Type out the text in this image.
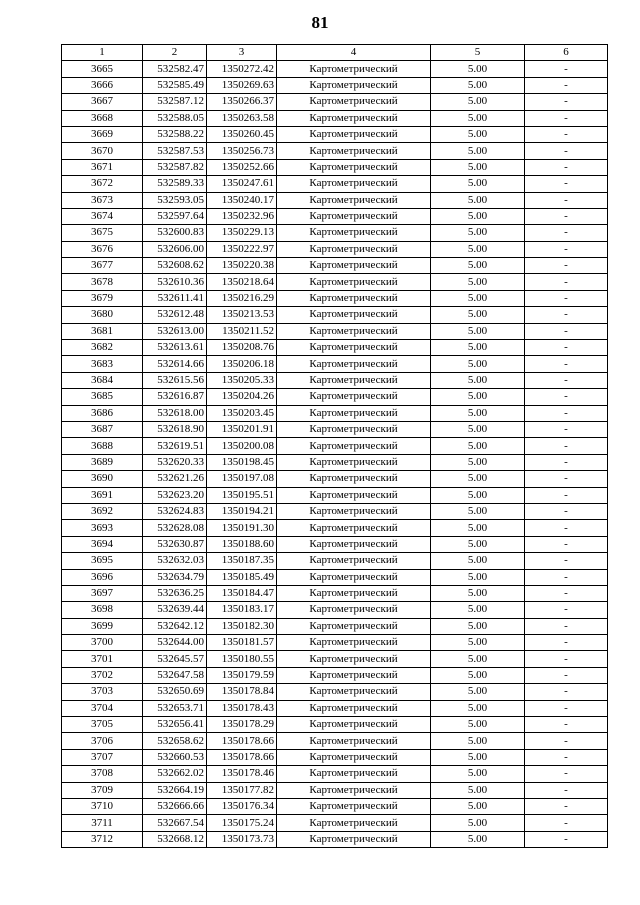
81
1	2	3	4	5	6
3665	532582.47	1350272.42	Картометрический	5.00	-
3666	532585.49	1350269.63	Картометрический	5.00	-
3667	532587.12	1350266.37	Картометрический	5.00	-
3668	532588.05	1350263.58	Картометрический	5.00	-
3669	532588.22	1350260.45	Картометрический	5.00	-
3670	532587.53	1350256.73	Картометрический	5.00	-
3671	532587.82	1350252.66	Картометрический	5.00	-
3672	532589.33	1350247.61	Картометрический	5.00	-
3673	532593.05	1350240.17	Картометрический	5.00	-
3674	532597.64	1350232.96	Картометрический	5.00	-
3675	532600.83	1350229.13	Картометрический	5.00	-
3676	532606.00	1350222.97	Картометрический	5.00	-
3677	532608.62	1350220.38	Картометрический	5.00	-
3678	532610.36	1350218.64	Картометрический	5.00	-
3679	532611.41	1350216.29	Картометрический	5.00	-
3680	532612.48	1350213.53	Картометрический	5.00	-
3681	532613.00	1350211.52	Картометрический	5.00	-
3682	532613.61	1350208.76	Картометрический	5.00	-
3683	532614.66	1350206.18	Картометрический	5.00	-
3684	532615.56	1350205.33	Картометрический	5.00	-
3685	532616.87	1350204.26	Картометрический	5.00	-
3686	532618.00	1350203.45	Картометрический	5.00	-
3687	532618.90	1350201.91	Картометрический	5.00	-
3688	532619.51	1350200.08	Картометрический	5.00	-
3689	532620.33	1350198.45	Картометрический	5.00	-
3690	532621.26	1350197.08	Картометрический	5.00	-
3691	532623.20	1350195.51	Картометрический	5.00	-
3692	532624.83	1350194.21	Картометрический	5.00	-
3693	532628.08	1350191.30	Картометрический	5.00	-
3694	532630.87	1350188.60	Картометрический	5.00	-
3695	532632.03	1350187.35	Картометрический	5.00	-
3696	532634.79	1350185.49	Картометрический	5.00	-
3697	532636.25	1350184.47	Картометрический	5.00	-
3698	532639.44	1350183.17	Картометрический	5.00	-
3699	532642.12	1350182.30	Картометрический	5.00	-
3700	532644.00	1350181.57	Картометрический	5.00	-
3701	532645.57	1350180.55	Картометрический	5.00	-
3702	532647.58	1350179.59	Картометрический	5.00	-
3703	532650.69	1350178.84	Картометрический	5.00	-
3704	532653.71	1350178.43	Картометрический	5.00	-
3705	532656.41	1350178.29	Картометрический	5.00	-
3706	532658.62	1350178.66	Картометрический	5.00	-
3707	532660.53	1350178.66	Картометрический	5.00	-
3708	532662.02	1350178.46	Картометрический	5.00	-
3709	532664.19	1350177.82	Картометрический	5.00	-
3710	532666.66	1350176.34	Картометрический	5.00	-
3711	532667.54	1350175.24	Картометрический	5.00	-
3712	532668.12	1350173.73	Картометрический	5.00	-
